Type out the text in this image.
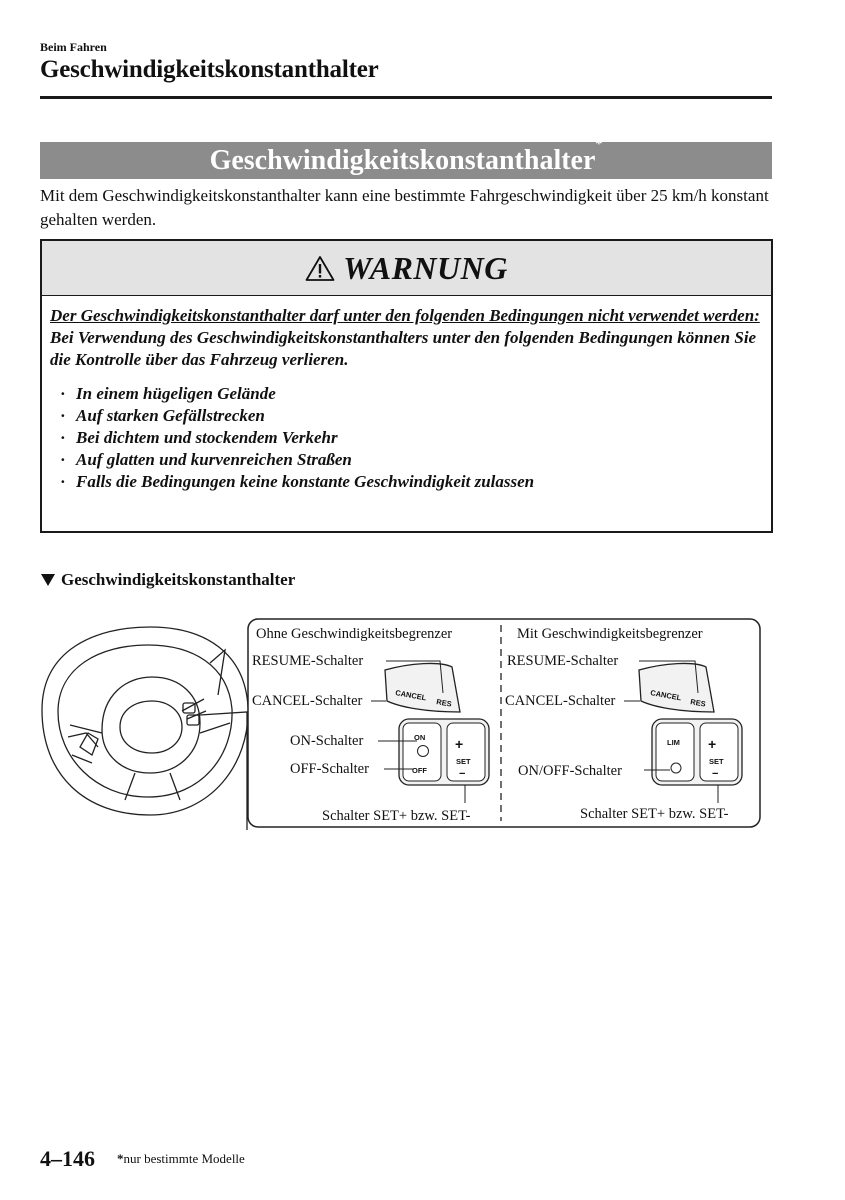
Beim Fahren
Geschwindigkeitskonstanthalter
Geschwindigkeitskonstanthalter*
Mit dem Geschwindigkeitskonstanthalter kann eine bestimmte Fahrgeschwindigkeit über 25 km/h konstant gehalten werden.
WARNUNG
Der Geschwindigkeitskonstanthalter darf unter den folgenden Bedingungen nicht verwendet werden:
Bei Verwendung des Geschwindigkeitskonstanthalters unter den folgenden Bedingungen können Sie die Kontrolle über das Fahrzeug verlieren.
· In einem hügeligen Gelände
· Auf starken Gefällstrecken
· Bei dichtem und stockendem Verkehr
· Auf glatten und kurvenreichen Straßen
· Falls die Bedingungen keine konstante Geschwindigkeit zulassen
Geschwindigkeitskonstanthalter
CANCEL
RES
ON
OFF
+
SET
−
CANCEL
RES
LIM +
SET
−
Ohne Geschwindigkeitsbegrenzer	Mit Geschwindigkeitsbegrenzer
RESUME-Schalter
CANCEL-Schalter
ON-Schalter
OFF-Schalter
Schalter SET+ bzw. SET-
RESUME-Schalter
CANCEL-Schalter
ON/OFF-Schalter
Schalter SET+ bzw. SET-
4–146 *nur bestimmte Modelle
